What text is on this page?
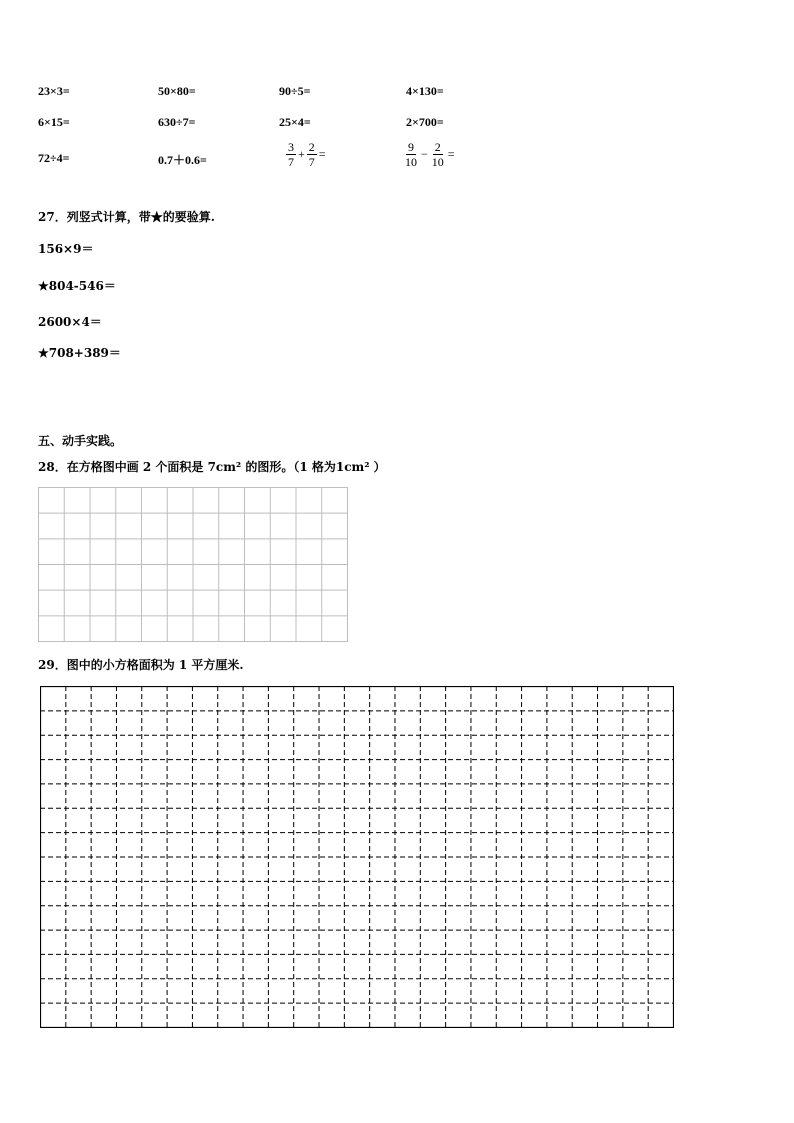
23×3=	50×80=	90÷5=	4×130=
6×15=	630÷7=	25×4=	2×700=
72÷4=	0.7＋0.6=	$\frac{3}{7} + \frac{2}{7}$ =	$\frac{9}{10} - \frac{2}{10}$ =
27．列竖式计算，带★的要验算.
156×9＝
★804-546＝
2600×4＝
★708+389＝
五、动手实践。
28．在方格图中画 2 个面积是 7cm² 的图形。（1 格为1cm² ）
29．图中的小方格面积为 1 平方厘米.
